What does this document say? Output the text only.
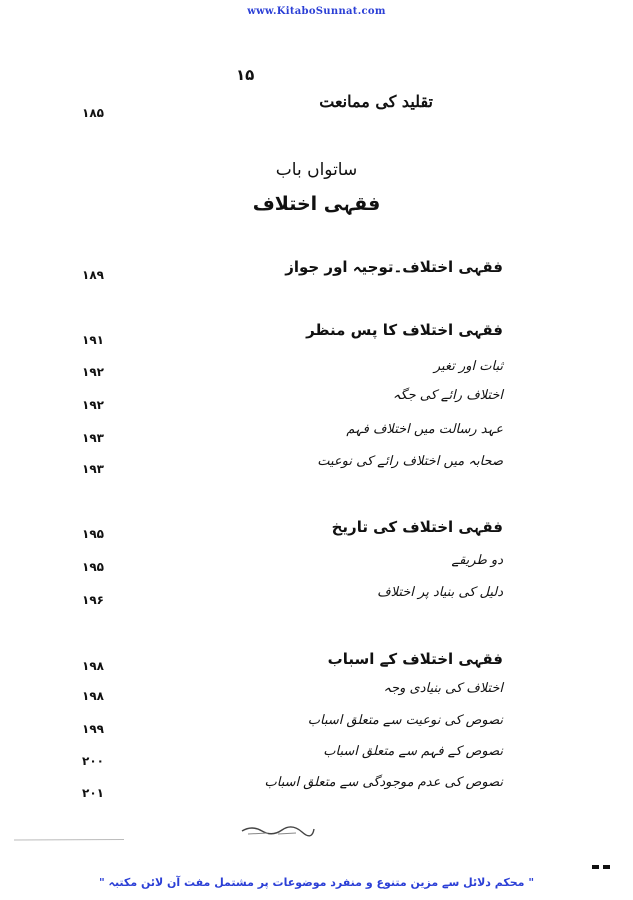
www.KitaboSunnat.com
۱۵
تقلید کی ممانعت
۱۸۵
ساتواں باب
فقہی اختلاف
فقہی اختلاف۔توجیہ اور جواز
۱۸۹
فقہی اختلاف کا پس منظر
۱۹۱
ثبات اور تغیر
۱۹۲
اختلاف رائے کی جگہ
۱۹۲
عہد رسالت میں اختلاف فہم
۱۹۳
صحابہ میں اختلاف رائے کی نوعیت
۱۹۳
فقہی اختلاف کی تاریخ
۱۹۵
دو طریقے
۱۹۵
دلیل کی بنیاد پر اختلاف
۱۹۶
فقہی اختلاف کے اسباب
۱۹۸
اختلاف کی بنیادی وجہ
۱۹۸
نصوص کی نوعیت سے متعلق اسباب
۱۹۹
نصوص کے فہم سے متعلق اسباب
۲۰۰
نصوص کی عدم موجودگی سے متعلق اسباب
۲۰۱
" محکم دلائل سے مزین متنوع و منفرد موضوعات پر مشتمل مفت آن لائن مکتبہ "
